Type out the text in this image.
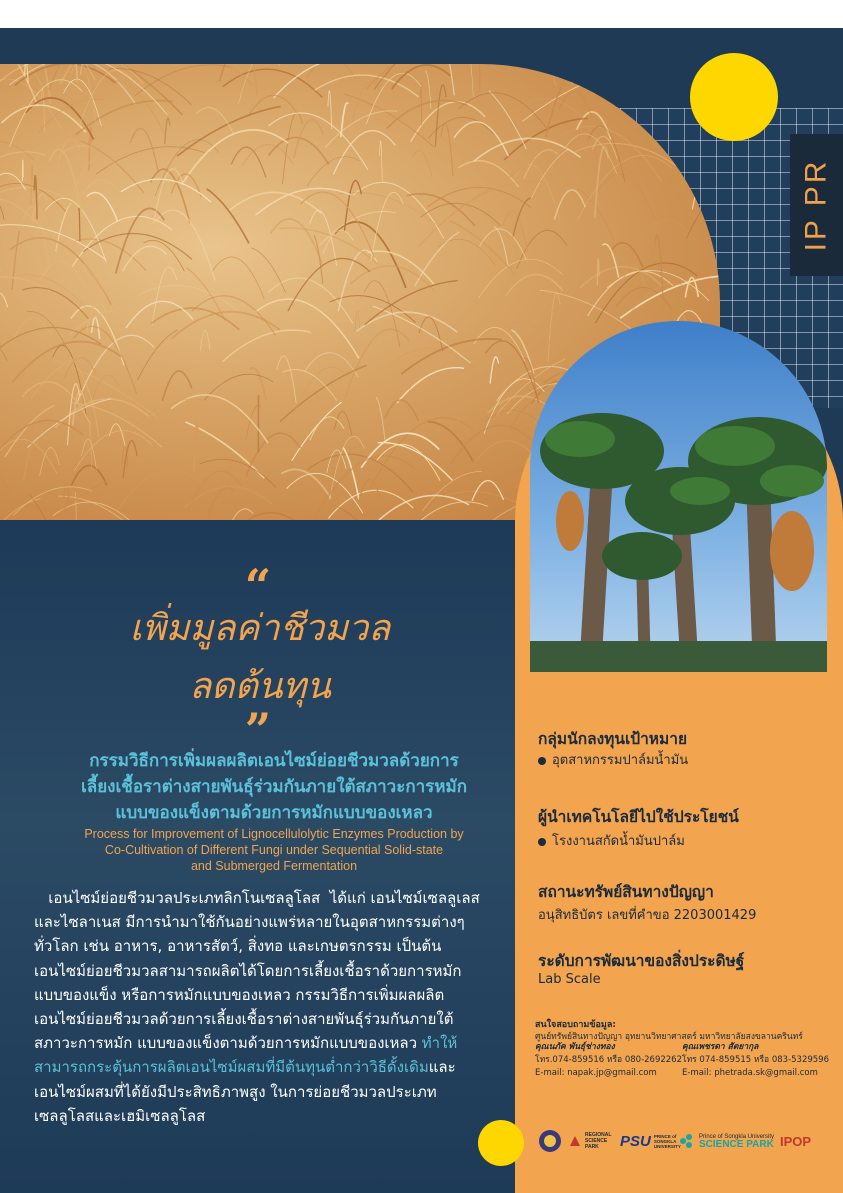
IP PR
“
เพิ่มมูลค่าชีวมวล
ลดต้นทุน
”
กรรมวิธีการเพิ่มผลผลิตเอนไซม์ย่อยชีวมวลด้วยการ
เลี้ยงเชื้อราต่างสายพันธุ์ร่วมกันภายใต้สภาวะการหมัก
แบบของแข็งตามด้วยการหมักแบบของเหลว
Process for Improvement of Lignocellulolytic Enzymes Production by
Co-Cultivation of Different Fungi under Sequential Solid-state
and Submerged Fermentation
เอนไซม์ย่อยชีวมวลประเภทลิกโนเซลลูโลส  ได้แก่ เอนไซม์เซลลูเลส
และไซลาเนส มีการนำมาใช้กันอย่างแพร่หลายในอุตสาหกรรมต่างๆ
ทั่วโลก เช่น อาหาร, อาหารสัตว์, สิ่งทอ และเกษตรกรรม เป็นต้น
เอนไซม์ย่อยชีวมวลสามารถผลิตได้โดยการเลี้ยงเชื้อราด้วยการหมัก
แบบของแข็ง หรือการหมักแบบของเหลว กรรมวิธีการเพิ่มผลผลิต
เอนไซม์ย่อยชีวมวลด้วยการเลี้ยงเชื้อราต่างสายพันธุ์ร่วมกันภายใต้
สภาวะการหมัก แบบของแข็งตามด้วยการหมักแบบของเหลว ทำให้
สามารถกระตุ้นการผลิตเอนไซม์ผสมที่มีต้นทุนต่ำกว่าวิธีดั้งเดิมและ
เอนไซม์ผสมที่ได้ยังมีประสิทธิภาพสูง ในการย่อยชีวมวลประเภท
เซลลูโลสและเฮมิเซลลูโลส
กลุ่มนักลงทุนเป้าหมาย
อุตสาหกรรมปาล์มน้ำมัน
ผู้นำเทคโนโลยีไปใช้ประโยชน์
โรงงานสกัดน้ำมันปาล์ม
สถานะทรัพย์สินทางปัญญา
อนุสิทธิบัตร เลขที่คำขอ 2203001429
ระดับการพัฒนาของสิ่งประดิษฐ์
Lab Scale
สนใจสอบถามข้อมูล:
ศูนย์ทรัพย์สินทางปัญญา อุทยานวิทยาศาสตร์ มหาวิทยาลัยสงขลานครินทร์
คุณนภัค พันธุ์ช่างทอง
โทร.074-859516 หรือ 080-2692262
E-mail: napak.jp@gmail.com
คุณเพชรดา สัตยากุล
โทร 074-859515 หรือ 083-5329596
E-mail: phetrada.sk@gmail.com
REGIONAL
SCIENCE
PARK	PSU PRINCE of
SONGKLA
UNIVERSITY
Prince of Songkla University
SCIENCE PARK IPOP
